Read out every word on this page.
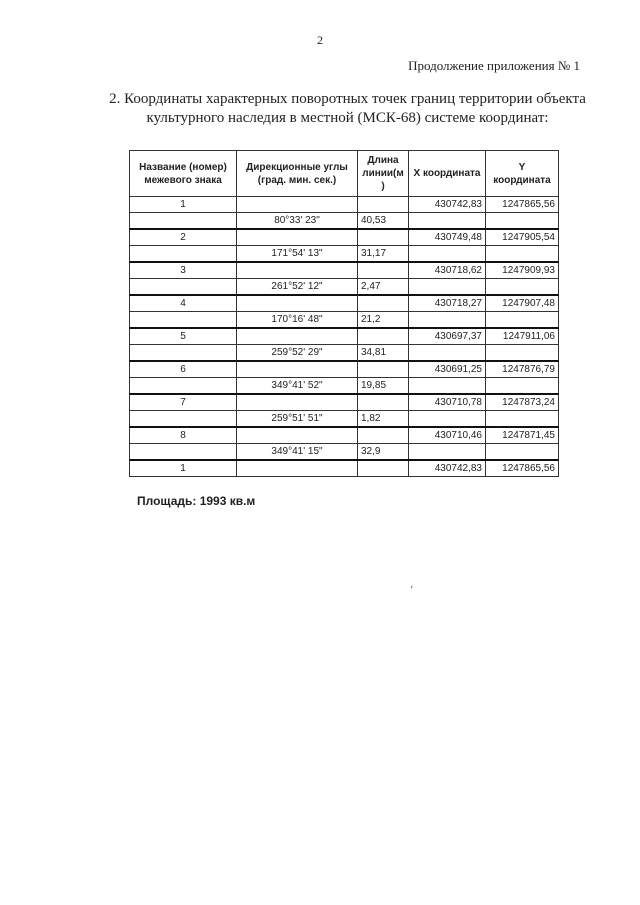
2
Продолжение приложения № 1
2. Координаты характерных поворотных точек границ территории объекта
культурного наследия в местной (МСК-68) системе координат:
Название (номер) межевого знака	Дирекционные углы (град. мин. сек.)	Длина линии(м )	X координата	Y координата
1			430742,83	1247865,56
	80°33' 23"	40,53		
2			430749,48	1247905,54
	171°54' 13"	31,17		
3			430718,62	1247909,93
	261°52' 12"	2,47		
4			430718,27	1247907,48
	170°16' 48"	21,2		
5			430697,37	1247911,06
	259°52' 29"	34,81		
6			430691,25	1247876,79
	349°41' 52"	19,85		
7			430710,78	1247873,24
	259°51' 51"	1,82		
8			430710,46	1247871,45
	349°41' 15"	32,9		
1			430742,83	1247865,56
Площадь: 1993 кв.м
׳
